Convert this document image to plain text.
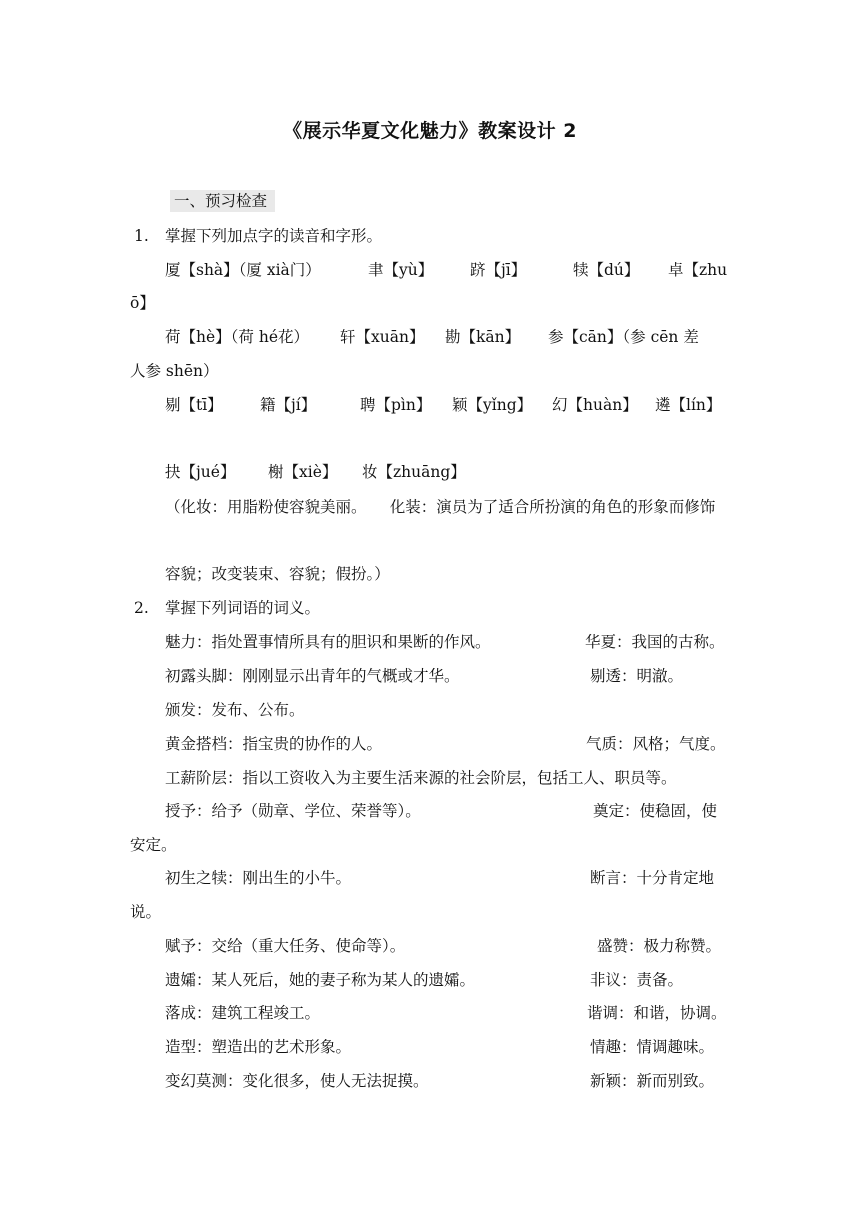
《展示华夏文化魅力》教案设计 2
一、预习检查
1. 掌握下列加点字的读音和字形。
厦【shà】（厦 xià门）	聿【yù】 跻【jī】	犊【dú】 卓【zhu
ō】
荷【hè】（荷 hé花） 轩【xuān】 勘【kān】 参【cān】（参 cēn 差
人参 shēn）
剔【tī】 籍【jí】	聘【pìn】 颖【yǐng】 幻【huàn】 遴【lín】
抉【jué】 榭【xiè】 妆【zhuāng】
（化妆：用脂粉使容貌美丽。　　化装：演员为了适合所扮演的角色的形象而修饰
容貌；改变装束、容貌；假扮。）
2. 掌握下列词语的词义。
魅力：指处置事情所具有的胆识和果断的作风。	华夏：我国的古称。
初露头脚：刚刚显示出青年的气概或才华。	剔透：明澈。
颁发：发布、公布。
黄金搭档：指宝贵的协作的人。	气质：风格；气度。
工薪阶层：指以工资收入为主要生活来源的社会阶层，包括工人、职员等。
授予：给予（勋章、学位、荣誉等）。	奠定：使稳固，使
安定。
初生之犊：刚出生的小牛。	断言：十分肯定地
说。
赋予：交给（重大任务、使命等）。	盛赞：极力称赞。
遗孀：某人死后，她的妻子称为某人的遗孀。	非议：责备。
落成：建筑工程竣工。	谐调：和谐，协调。
造型：塑造出的艺术形象。	情趣：情调趣味。
变幻莫测：变化很多，使人无法捉摸。	新颖：新而别致。
